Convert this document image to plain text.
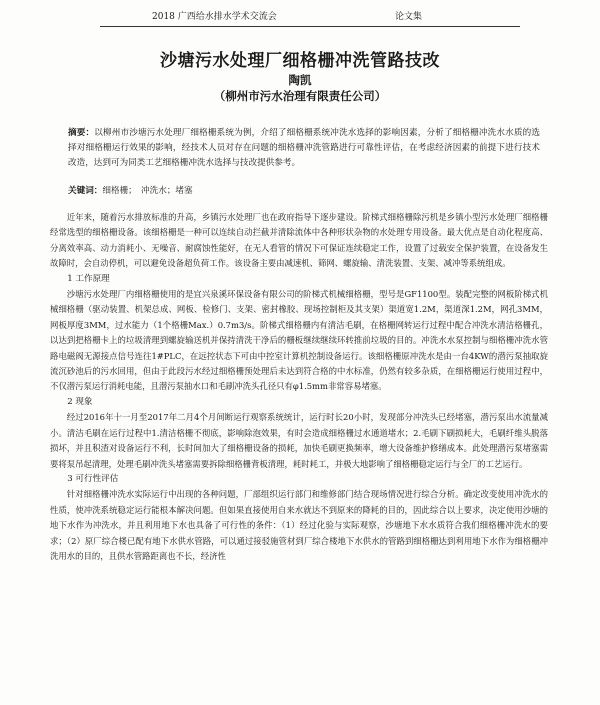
2018 广西给水排水学术交流会	论文集
沙塘污水处理厂细格栅冲洗管路技改
陶凯
（柳州市污水治理有限责任公司）

摘要：以柳州市沙塘污水处理厂细格栅系统为例，介绍了细格栅系统冲洗水选择的影响因素，分析了细格栅冲洗水水质的选择对细格栅运行效果的影响，经技术人员对存在问题的细格栅冲洗管路进行可靠性评估，在考虑经济因素的前提下进行技术改造，达到可为同类工艺细格栅冲洗水选择与技改提供参考。

关键词：细格栅；　冲洗水；堵塞

近年来，随着污水排放标准的升高，乡镇污水处理厂也在政府指导下逐步建设。阶梯式细格栅除污机是乡镇小型污水处理厂细格栅经常选型的细格栅设备。该细格栅是一种可以连续自动拦截并清除流体中各种形状杂物的水处理专用设备。最大优点是自动化程度高、分离效率高、动力消耗小、无噪音、耐腐蚀性能好，在无人看管的情况下可保证连续稳定工作，设置了过载安全保护装置，在设备发生故障时，会自动停机，可以避免设备超负荷工作。该设备主要由减速机、筛网、螺旋输、清洗装置、支架、减冲等系统组成。

1 工作原理

沙塘污水处理厂内细格栅使用的是宜兴泉溪环保设备有限公司的阶梯式机械细格栅，型号是GF1100型。装配完整的网板阶梯式机械细格栅（驱动装置、机架总成、网板、检修门、支架、密封橡胶、现场控制柜及其支架）渠道宽1.2M，渠道深1.2M，网孔3MM，网板厚度3MM，过水能力（1个格栅Max.）0.7m3/s。阶梯式细格栅内有清洁毛刷，在格栅网转运行过程中配合冲洗水清洁格栅孔，以达到把格栅卡上的垃圾清理到螺旋输送机并保持清洗干净后的栅板继续继续环转推前垃圾的目的。冲洗水水泵控制与细格栅冲洗水管路电磁阀无源接点信号连往1#PLC，在远控状态下可由中控室计算机控制设备运行。该细格栅原冲洗水是由一台4KW的潜污泵抽取旋流沉砂池后的污水回用，但由于此段污水经过细格栅预处理后未达到符合格的中水标准，仍然有较多杂质，在细格栅运行使用过程中，不仅潜污泵运行消耗电能，且潜污泵抽水口和毛刷冲洗头孔径只有φ1.5mm非常容易堵塞。

2 现象

经过2016年十一月至2017年二月4个月间断运行观察系统统计，运行时长20小时，发现部分冲洗头已经堵塞，潜污泵出水流量减小。清洁毛刷在运行过程中1.清洁格栅不彻底，影响除泡效果，有时会造成细格栅过水通道堵水；2.毛刷下刷损耗大，毛刷纤维头脱落损坏，并且积渣对设备运行不利，长时间加大了细格栅设备的损耗，加快毛刷更换频率，增大设备维护修缮成本。此处理潜污泵堵塞需要将泵吊起清理，处理毛刷冲洗头堵塞需要拆除细格栅背板清理，耗时耗工，并极大地影响了细格栅稳定运行与全厂的工艺运行。

3 可行性评估

针对细格栅冲洗水实际运行中出现的各种问题，厂部组织运行部门和维修部门结合现场情况进行综合分析。确定改变使用冲洗水的性质，使冲洗系统稳定运行能根本解决问题。但如果直接使用自来水就达不到原来的降耗的目的，因此综合以上要求，决定使用沙塘的地下水作为冲洗水，并且利用地下水也具备了可行性的条件：（1）经过化验与实际观察，沙塘地下水水质符合我们细格栅冲洗水的要求；（2）原厂综合楼已配有地下水供水管路，可以通过接驳施管材到厂综合楼地下水供水的管路到细格栅达到利用地下水作为细格栅冲洗用水的目的，且供水管路距离也不长，经济性
